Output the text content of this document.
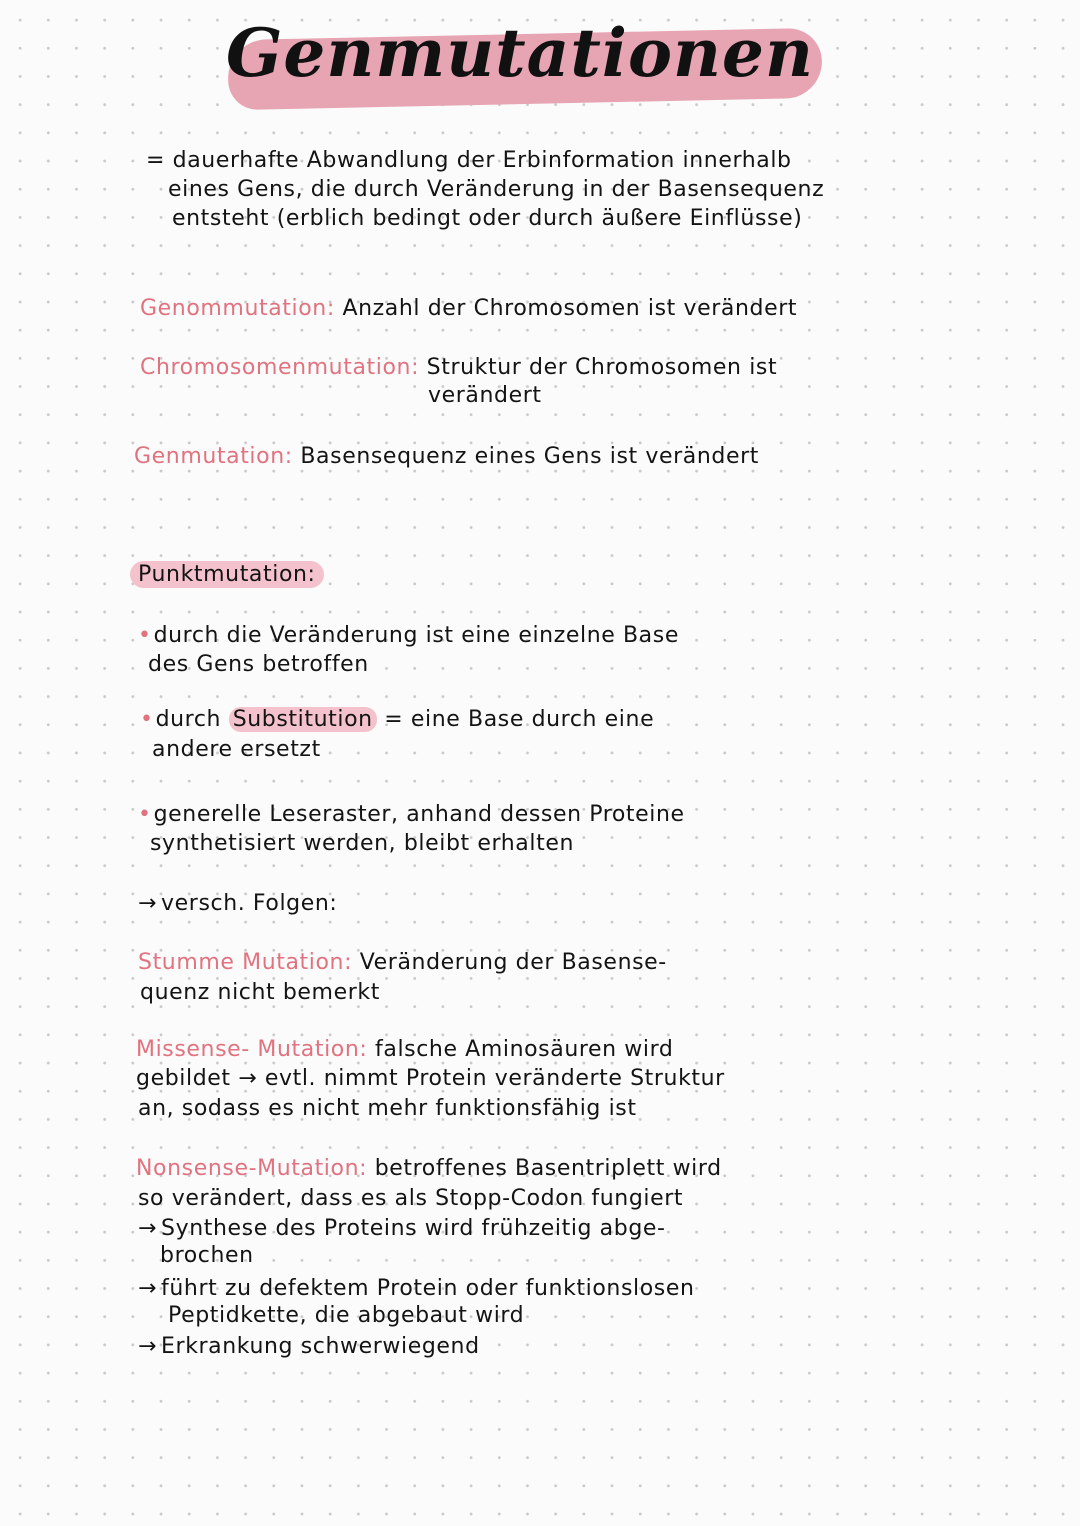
Genmutationen
= dauerhafte Abwandlung der Erbinformation innerhalb
eines Gens, die durch Veränderung in der Basensequenz
entsteht (erblich bedingt oder durch äußere Einflüsse)
Genommutation: Anzahl der Chromosomen ist verändert
Chromosomenmutation: Struktur der Chromosomen ist
verändert
Genmutation: Basensequenz eines Gens ist verändert
Punktmutation:
•durch die Veränderung ist eine einzelne Base
des Gens betroffen
•durch Substitution = eine Base durch eine
andere ersetzt
•generelle Leseraster, anhand dessen Proteine
synthetisiert werden, bleibt erhalten
→ versch. Folgen:
Stumme Mutation: Veränderung der Basense-
quenz nicht bemerkt
Missense- Mutation: falsche Aminosäuren wird
gebildet → evtl. nimmt Protein veränderte Struktur
an, sodass es nicht mehr funktionsfähig ist
Nonsense-Mutation: betroffenes Basentriplett wird
so verändert, dass es als Stopp-Codon fungiert
→ Synthese des Proteins wird frühzeitig abge-
brochen
→ führt zu defektem Protein oder funktionslosen
Peptidkette, die abgebaut wird
→ Erkrankung schwerwiegend
